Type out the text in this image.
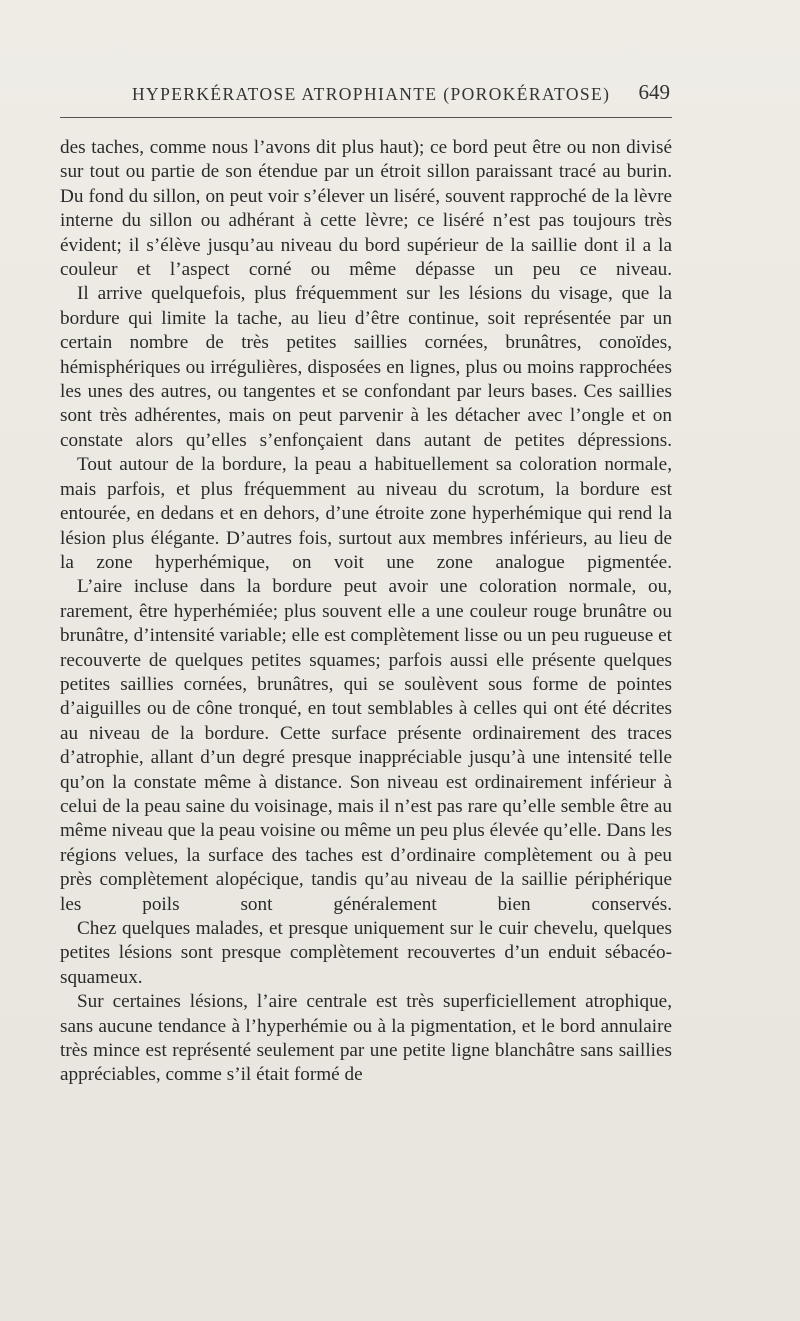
HYPERKÉRATOSE ATROPHIANTE (POROKÉRATOSE) 649

des taches, comme nous l’avons dit plus haut); ce bord peut être ou non divisé sur tout ou partie de son étendue par un étroit sillon paraissant tracé au burin. Du fond du sillon, on peut voir s’élever un liséré, souvent rapproché de la lèvre interne du sillon ou adhérant à cette lèvre; ce liséré n’est pas toujours très évident; il s’élève jusqu’au niveau du bord supérieur de la saillie dont il a la couleur et l’aspect corné ou même dépasse un peu ce niveau.

Il arrive quelquefois, plus fréquemment sur les lésions du visage, que la bordure qui limite la tache, au lieu d’être continue, soit représentée par un certain nombre de très petites saillies cornées, brunâtres, conoïdes, hémisphériques ou irrégulières, disposées en lignes, plus ou moins rapprochées les unes des autres, ou tangentes et se confondant par leurs bases. Ces saillies sont très adhérentes, mais on peut parvenir à les détacher avec l’ongle et on constate alors qu’elles s’enfonçaient dans autant de petites dépressions.

Tout autour de la bordure, la peau a habituellement sa coloration normale, mais parfois, et plus fréquemment au niveau du scrotum, la bordure est entourée, en dedans et en dehors, d’une étroite zone hyperhémique qui rend la lésion plus élégante. D’autres fois, surtout aux membres inférieurs, au lieu de la zone hyperhémique, on voit une zone analogue pigmentée.

L’aire incluse dans la bordure peut avoir une coloration normale, ou, rarement, être hyperhémiée; plus souvent elle a une couleur rouge brunâtre ou brunâtre, d’intensité variable; elle est complètement lisse ou un peu rugueuse et recouverte de quelques petites squames; parfois aussi elle présente quelques petites saillies cornées, brunâtres, qui se soulèvent sous forme de pointes d’aiguilles ou de cône tronqué, en tout semblables à celles qui ont été décrites au niveau de la bordure. Cette surface présente ordinairement des traces d’atrophie, allant d’un degré presque inappréciable jusqu’à une intensité telle qu’on la constate même à distance. Son niveau est ordinairement inférieur à celui de la peau saine du voisinage, mais il n’est pas rare qu’elle semble être au même niveau que la peau voisine ou même un peu plus élevée qu’elle. Dans les régions velues, la surface des taches est d’ordinaire complètement ou à peu près complètement alopécique, tandis qu’au niveau de la saillie périphérique les poils sont généralement bien conservés.

Chez quelques malades, et presque uniquement sur le cuir chevelu, quelques petites lésions sont presque complètement recouvertes d’un enduit sébacéo-squameux.

Sur certaines lésions, l’aire centrale est très superficiellement atrophique, sans aucune tendance à l’hyperhémie ou à la pigmentation, et le bord annulaire très mince est représenté seulement par une petite ligne blanchâtre sans saillies appréciables, comme s’il était formé de
